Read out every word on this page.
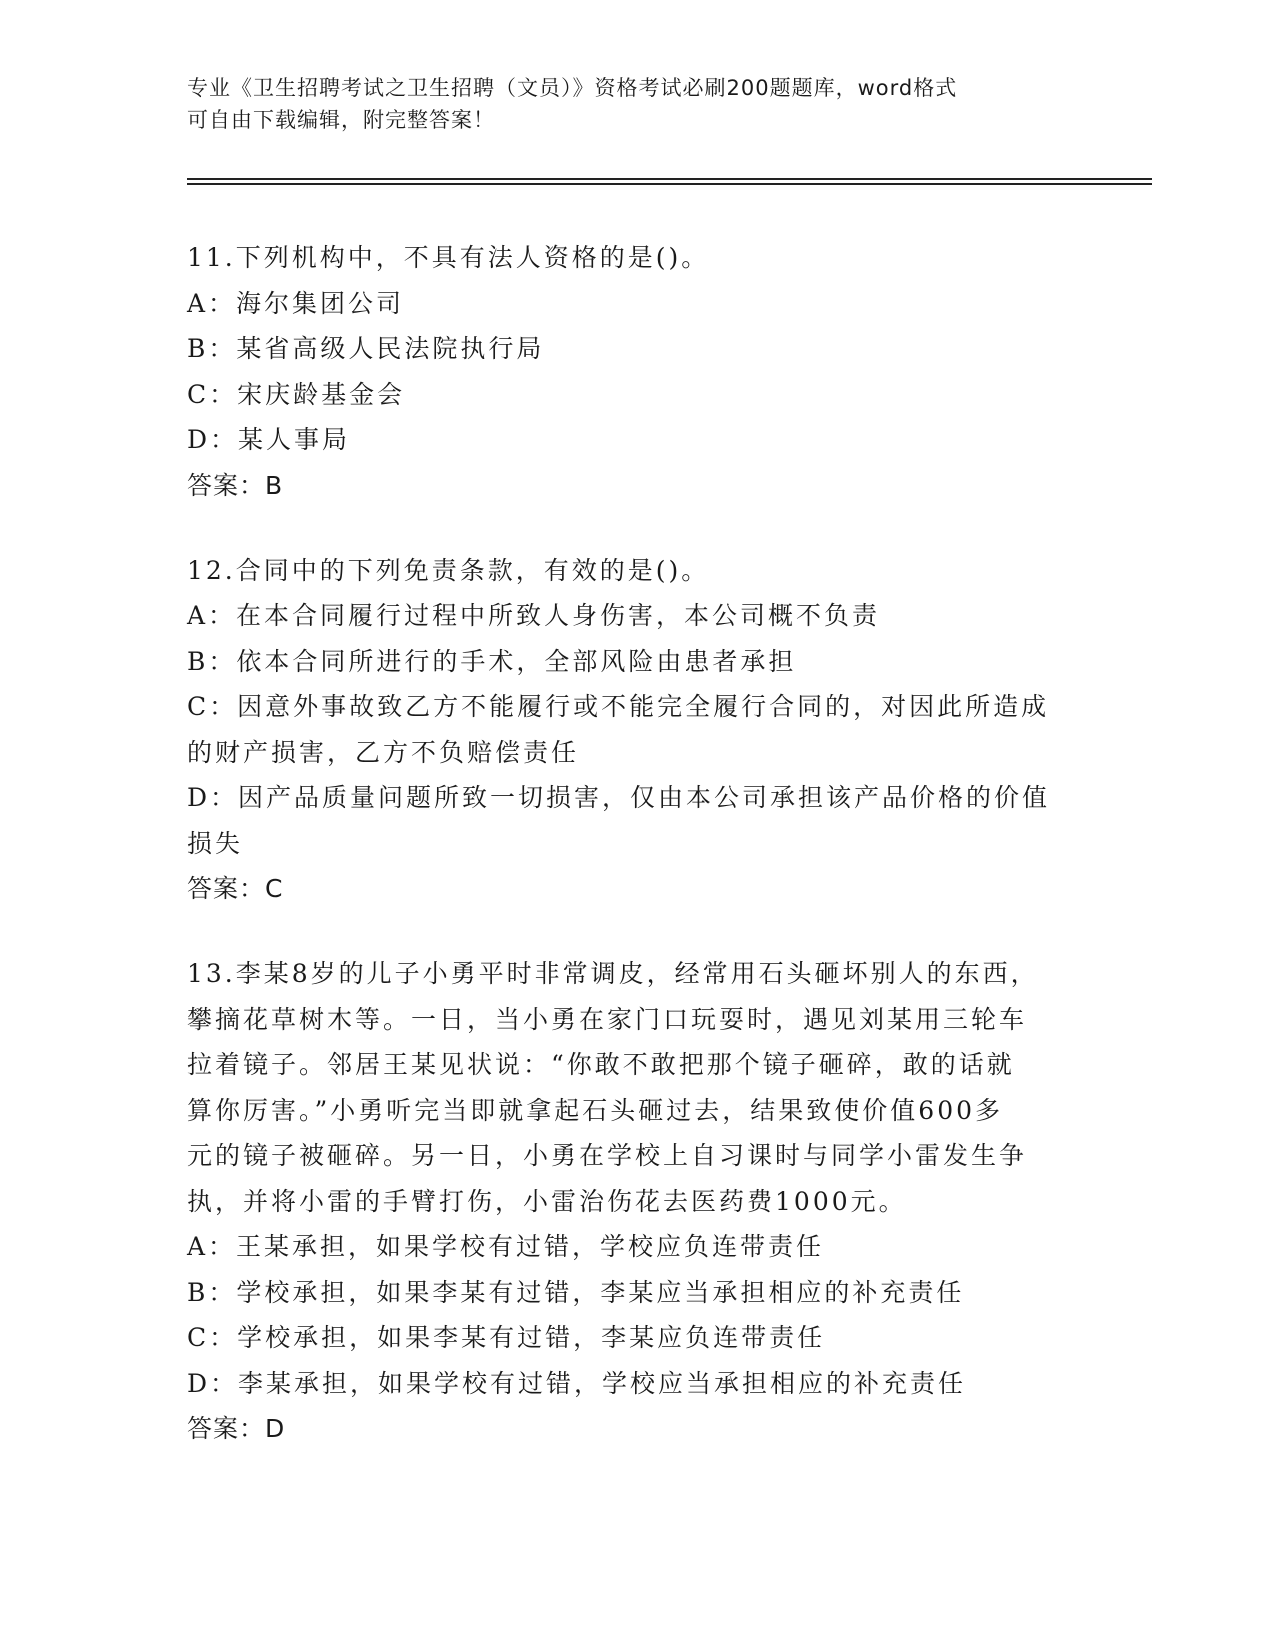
专业《卫生招聘考试之卫生招聘（文员）》资格考试必刷200题题库，word格式

可自由下载编辑，附完整答案！

11.下列机构中，不具有法人资格的是()。

A：海尔集团公司

B：某省高级人民法院执行局

C：宋庆龄基金会

D：某人事局

答案：B

12.合同中的下列免责条款，有效的是()。

A：在本合同履行过程中所致人身伤害，本公司概不负责

B：依本合同所进行的手术，全部风险由患者承担

C：因意外事故致乙方不能履行或不能完全履行合同的，对因此所造成

的财产损害，乙方不负赔偿责任

D：因产品质量问题所致一切损害，仅由本公司承担该产品价格的价值

损失

答案：C

13.李某8岁的儿子小勇平时非常调皮，经常用石头砸坏别人的东西，

攀摘花草树木等。一日，当小勇在家门口玩耍时，遇见刘某用三轮车

拉着镜子。邻居王某见状说：“你敢不敢把那个镜子砸碎，敢的话就

算你厉害。”小勇听完当即就拿起石头砸过去，结果致使价值600多

元的镜子被砸碎。另一日，小勇在学校上自习课时与同学小雷发生争

执，并将小雷的手臂打伤，小雷治伤花去医药费1000元。

A：王某承担，如果学校有过错，学校应负连带责任

B：学校承担，如果李某有过错，李某应当承担相应的补充责任

C：学校承担，如果李某有过错，李某应负连带责任

D：李某承担，如果学校有过错，学校应当承担相应的补充责任

答案：D
